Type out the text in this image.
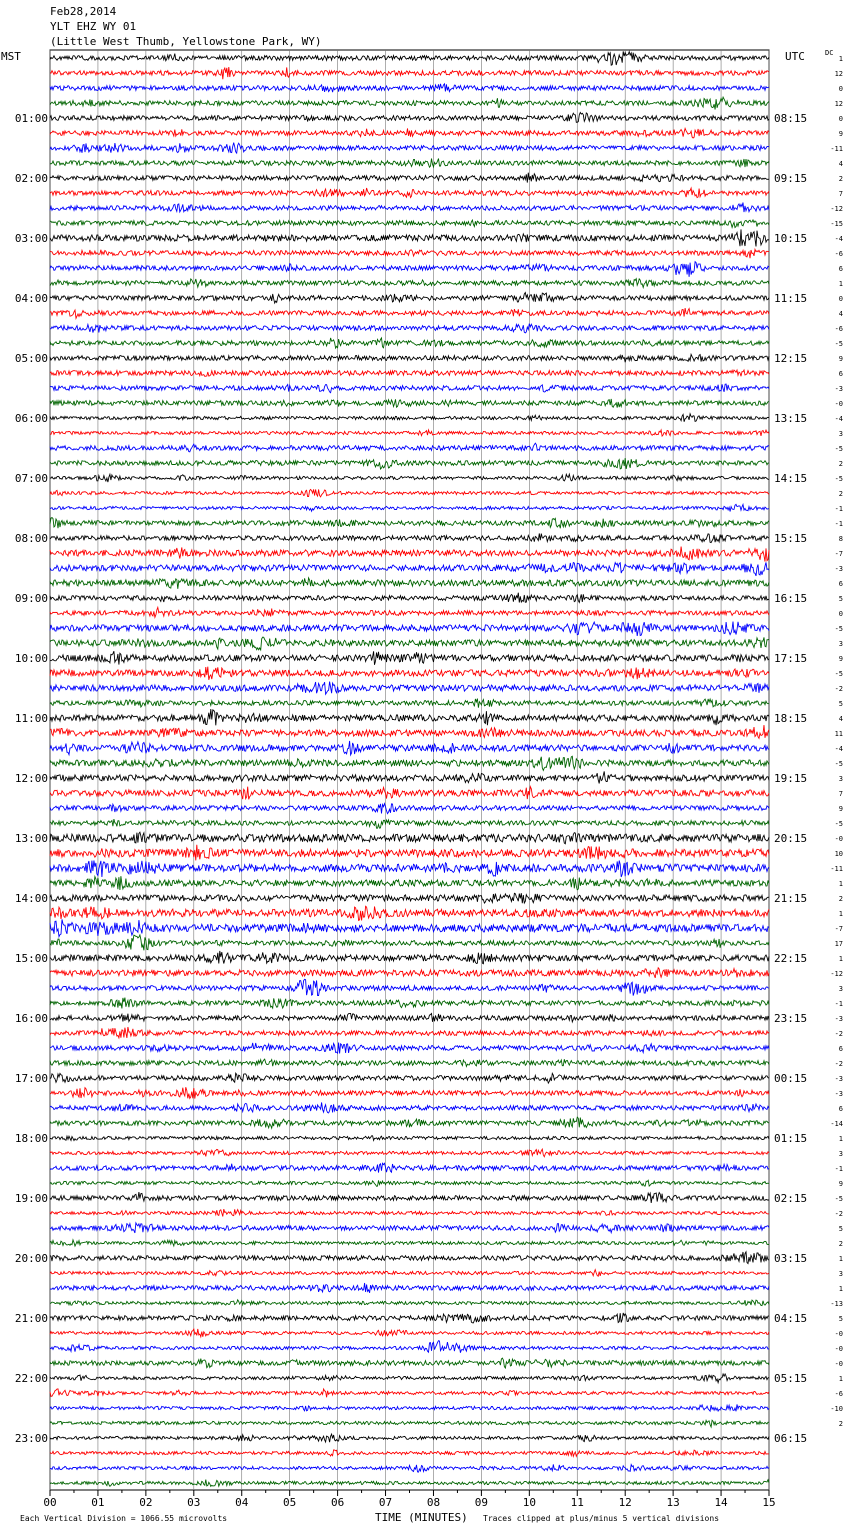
Feb28,2014
YLT EHZ WY 01
(Little West Thumb, Yellowstone Park, WY)
MST	UTC	DC
00	01	02	03	04	05	06	07	08	09	10	11	12	13	14	15
1
12
0
12
0
01:00	08:15
9
-11
4
2
02:00	09:15
7
-12
-15
-4
03:00	10:15
-6
6
1
0
04:00	11:15
4
-6
-5
9
05:00	12:15
6
-3
-0
-4
06:00	13:15
3
-5
2
-5
07:00	14:15
2
-1
-1
8
08:00	15:15
-7
-3
6
5
09:00	16:15
0
-5
3
9
10:00	17:15
-5
-2
5
4
11:00	18:15
11
-4
-5
3
12:00	19:15
7
9
-5
-0
13:00	20:15
10
-11
1
2
14:00	21:15
1
-7
17
1
15:00	22:15
-12
3
-1
-3
16:00	23:15
-2
6
-2
-3
17:00	00:15
-3
6
-14
1
18:00	01:15
3
-1
9
-5
19:00	02:15
-2
5
2
1
20:00	03:15
3
1
-13
5
21:00	04:15
-0
-0
-0
1
22:00	05:15
-6
-10
2
23:00	06:15
Each Vertical Division = 1066.55 microvolts	TIME (MINUTES) Traces clipped at plus/minus 5 vertical divisions
